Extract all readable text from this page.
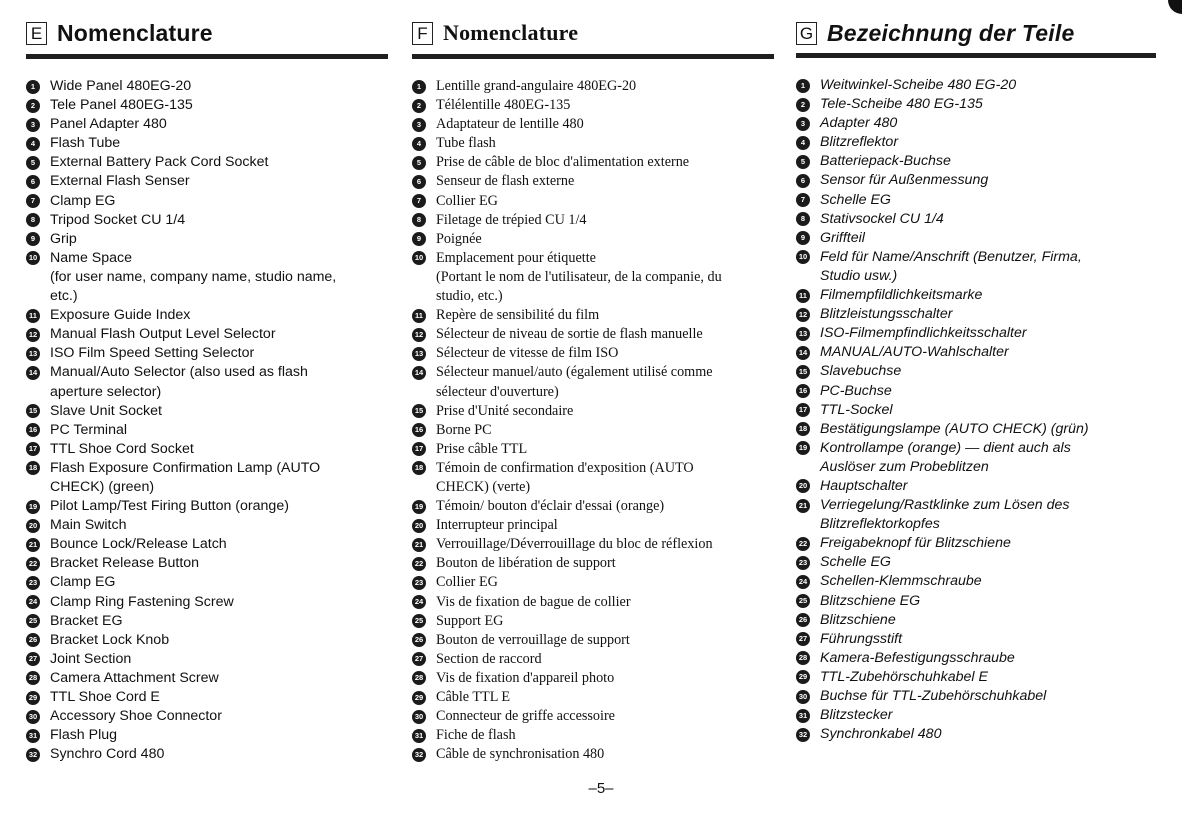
E Nomenclature
1	Wide Panel 480EG-20
2	Tele Panel 480EG-135
3	Panel Adapter 480
4	Flash Tube
5	External Battery Pack Cord Socket
6	External Flash Senser
7	Clamp EG
8	Tripod Socket CU 1/4
9	Grip
10 Name Space
(for user name, company name, studio name,
etc.)
11 Exposure Guide Index
12 Manual Flash Output Level Selector
13 ISO Film Speed Setting Selector
14 Manual/Auto Selector (also used as flash
aperture selector)
15 Slave Unit Socket
16 PC Terminal
17 TTL Shoe Cord Socket
18 Flash Exposure Confirmation Lamp (AUTO
CHECK) (green)
19 Pilot Lamp/Test Firing Button (orange)
20 Main Switch
21 Bounce Lock/Release Latch
22 Bracket Release Button
23 Clamp EG
24 Clamp Ring Fastening Screw
25 Bracket EG
26 Bracket Lock Knob
27 Joint Section
28 Camera Attachment Screw
29 TTL Shoe Cord E
30 Accessory Shoe Connector
31 Flash Plug
32 Synchro Cord 480
F Nomenclature
1	Lentille grand-angulaire 480EG-20
2	Télélentille 480EG-135
3	Adaptateur de lentille 480
4	Tube flash
5	Prise de câble de bloc d'alimentation externe
6	Senseur de flash externe
7	Collier EG
8	Filetage de trépied CU 1/4
9	Poignée
10 Emplacement pour étiquette
(Portant le nom de l'utilisateur, de la companie, du
studio, etc.)
11 Repère de sensibilité du film
12 Sélecteur de niveau de sortie de flash manuelle
13 Sélecteur de vitesse de film ISO
14 Sélecteur manuel/auto (également utilisé comme
sélecteur d'ouverture)
15 Prise d'Unité secondaire
16 Borne PC
17 Prise câble TTL
18 Témoin de confirmation d'exposition (AUTO
CHECK) (verte)
19 Témoin/ bouton d'éclair d'essai (orange)
20 Interrupteur principal
21 Verrouillage/Déverrouillage du bloc de réflexion
22 Bouton de libération de support
23 Collier EG
24 Vis de fixation de bague de collier
25 Support EG
26 Bouton de verrouillage de support
27 Section de raccord
28 Vis de fixation d'appareil photo
29 Câble TTL E
30 Connecteur de griffe accessoire
31 Fiche de flash
32 Câble de synchronisation 480
G Bezeichnung der Teile
1	Weitwinkel-Scheibe 480 EG-20
2	Tele-Scheibe 480 EG-135
3	Adapter 480
4	Blitzreflektor
5	Batteriepack-Buchse
6	Sensor für Außenmessung
7	Schelle EG
8	Stativsockel CU 1/4
9	Griffteil
10 Feld für Name/Anschrift (Benutzer, Firma,
Studio usw.)
11 Filmempfildlichkeitsmarke
12 Blitzleistungsschalter
13 ISO-Filmempfindlichkeitsschalter
14 MANUAL/AUTO-Wahlschalter
15 Slavebuchse
16 PC-Buchse
17 TTL-Sockel
18 Bestätigungslampe (AUTO CHECK) (grün)
19 Kontrollampe (orange) — dient auch als
Auslöser zum Probeblitzen
20 Hauptschalter
21 Verriegelung/Rastklinke zum Lösen des
Blitzreflektorkopfes
22 Freigabeknopf für Blitzschiene
23 Schelle EG
24 Schellen-Klemmschraube
25 Blitzschiene EG
26 Blitzschiene
27 Führungsstift
28 Kamera-Befestigungsschraube
29 TTL-Zubehörschuhkabel E
30 Buchse für TTL-Zubehörschuhkabel
31 Blitzstecker
32 Synchronkabel 480
–5–
